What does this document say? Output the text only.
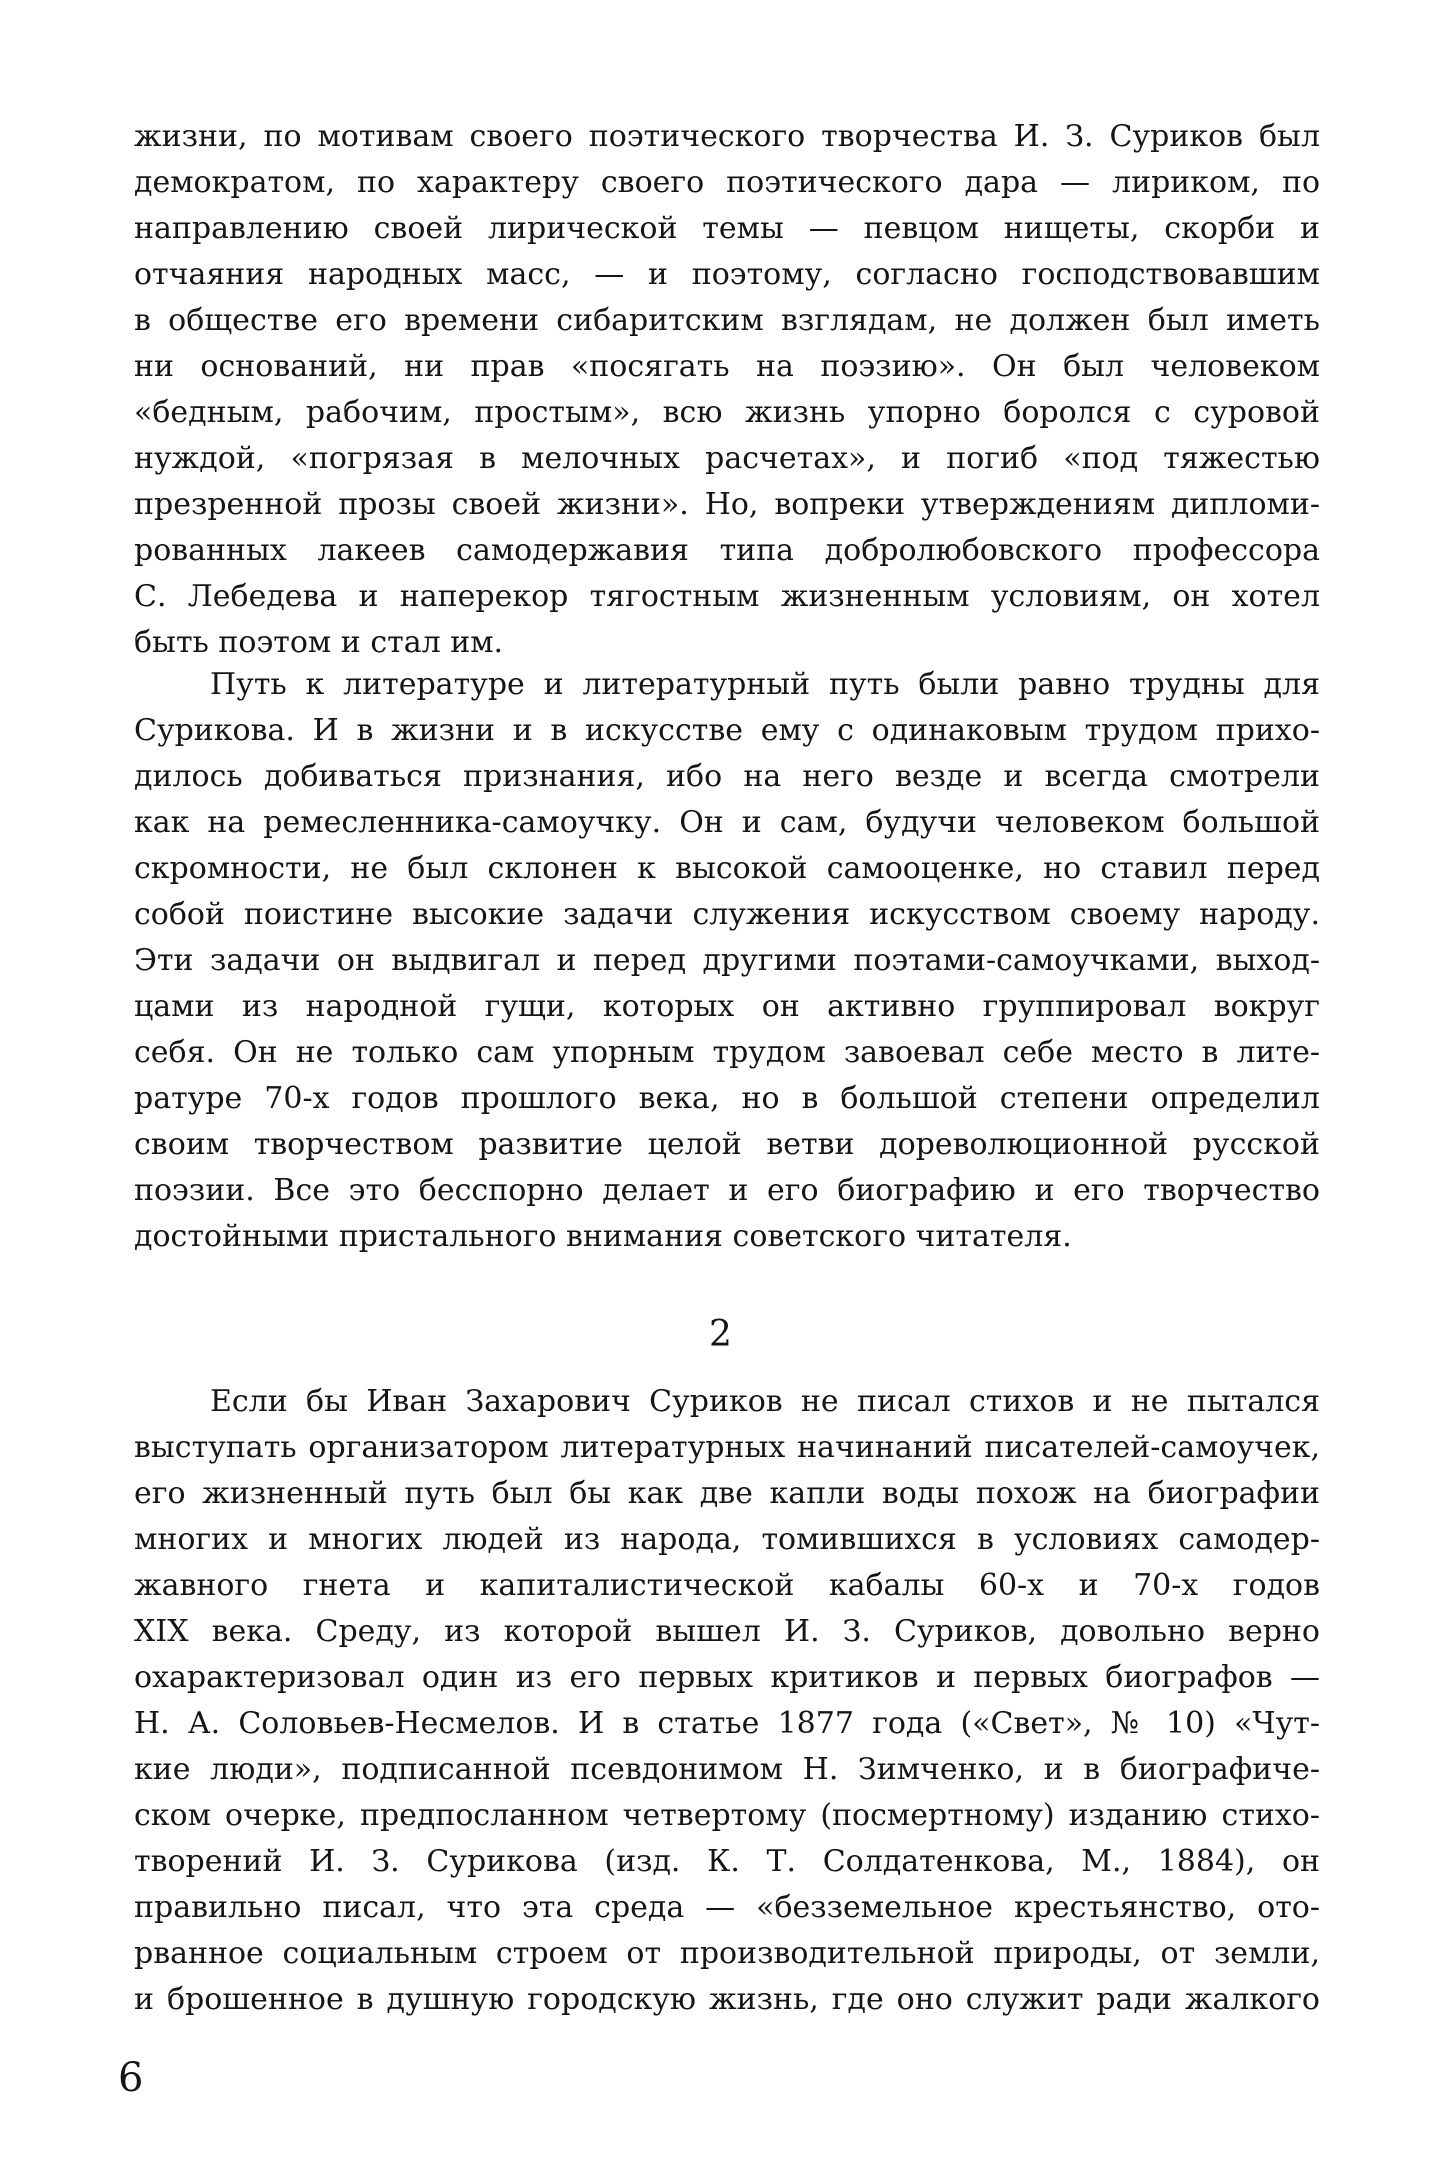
жизни, по мотивам своего поэтического творчества И. З. Суриков был
демократом, по характеру своего поэтического дара — лириком, по
направлению своей лирической темы — певцом нищеты, скорби и
отчаяния народных масс, — и поэтому, согласно господствовавшим
в обществе его времени сибаритским взглядам, не должен был иметь
ни оснований, ни прав «посягать на поэзию». Он был человеком
«бедным, рабочим, простым», всю жизнь упорно боролся с суровой
нуждой, «погрязая в мелочных расчетах», и погиб «под тяжестью
презренной прозы своей жизни». Но, вопреки утверждениям дипломи-
рованных лакеев самодержавия типа добролюбовского профессора
С. Лебедева и наперекор тягостным жизненным условиям, он хотел
быть поэтом и стал им.
Путь к литературе и литературный путь были равно трудны для
Сурикова. И в жизни и в искусстве ему с одинаковым трудом прихо-
дилось добиваться признания, ибо на него везде и всегда смотрели
как на ремесленника-самоучку. Он и сам, будучи человеком большой
скромности, не был склонен к высокой самооценке, но ставил перед
собой поистине высокие задачи служения искусством своему народу.
Эти задачи он выдвигал и перед другими поэтами-самоучками, выход-
цами из народной гущи, которых он активно группировал вокруг
себя. Он не только сам упорным трудом завоевал себе место в лите-
ратуре 70-х годов прошлого века, но в большой степени определил
своим творчеством развитие целой ветви дореволюционной русской
поэзии. Все это бесспорно делает и его биографию и его творчество
достойными пристального внимания советского читателя.
2
Если бы Иван Захарович Суриков не писал стихов и не пытался
выступать организатором литературных начинаний писателей-самоучек,
его жизненный путь был бы как две капли воды похож на биографии
многих и многих людей из народа, томившихся в условиях самодер-
жавного гнета и капиталистической кабалы 60-х и 70-х годов
XIX века. Среду, из которой вышел И. З. Суриков, довольно верно
охарактеризовал один из его первых критиков и первых биографов —
Н. А. Соловьев-Несмелов. И в статье 1877 года («Свет», № 10) «Чут-
кие люди», подписанной псевдонимом Н. Зимченко, и в биографиче-
ском очерке, предпосланном четвертому (посмертному) изданию стихо-
творений И. З. Сурикова (изд. К. Т. Солдатенкова, М., 1884), он
правильно писал, что эта среда — «безземельное крестьянство, ото-
рванное социальным строем от производительной природы, от земли,
и брошенное в душную городскую жизнь, где оно служит ради жалкого
6
